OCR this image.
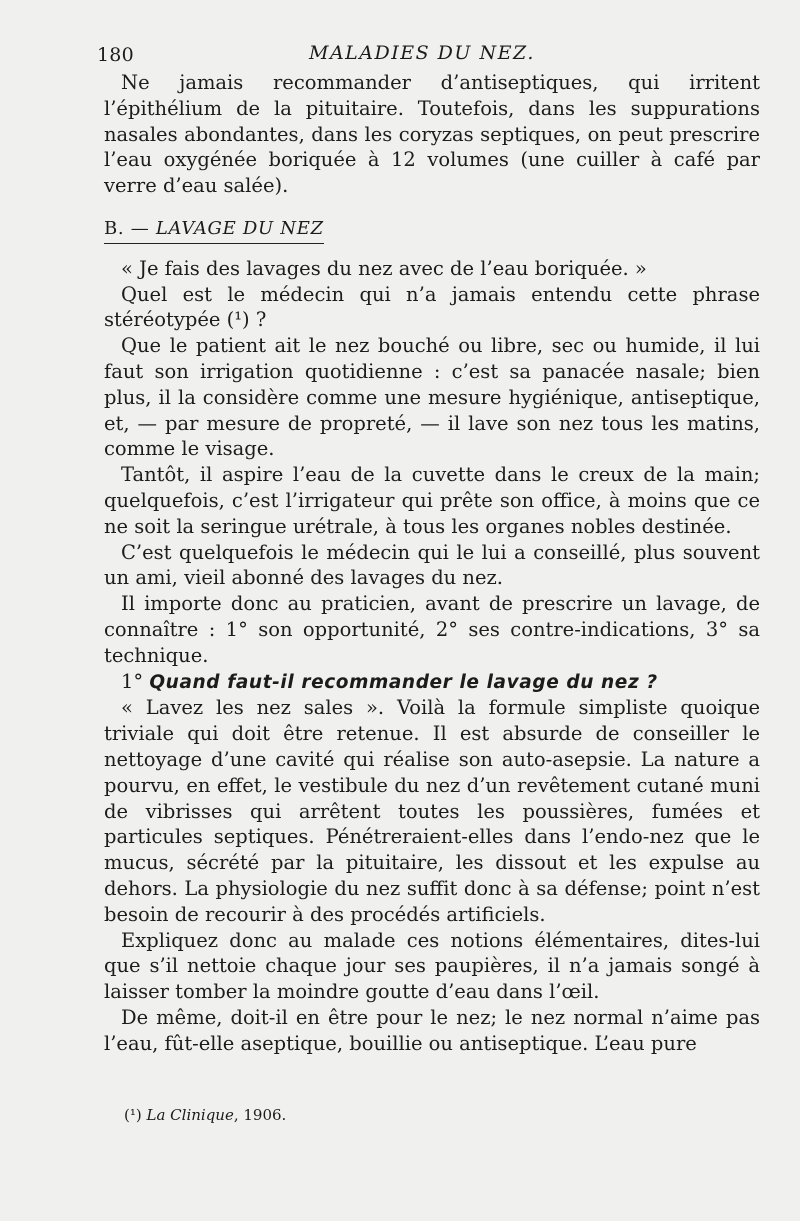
180	MALADIES DU NEZ.

Ne jamais recommander d’antiseptiques, qui irritent l’épithélium de la pituitaire. Toutefois, dans les suppurations nasales abondantes, dans les coryzas septiques, on peut prescrire l’eau oxygénée boriquée à 12 volumes (une cuiller à café par verre d’eau salée).

B. — LAVAGE DU NEZ

« Je fais des lavages du nez avec de l’eau boriquée. »

Quel est le médecin qui n’a jamais entendu cette phrase stéréotypée (¹) ?

Que le patient ait le nez bouché ou libre, sec ou humide, il lui faut son irrigation quotidienne : c’est sa panacée nasale; bien plus, il la considère comme une mesure hygiénique, antiseptique, et, — par mesure de propreté, — il lave son nez tous les matins, comme le visage.

Tantôt, il aspire l’eau de la cuvette dans le creux de la main; quelquefois, c’est l’irrigateur qui prête son office, à moins que ce ne soit la seringue urétrale, à tous les organes nobles destinée.

C’est quelquefois le médecin qui le lui a conseillé, plus souvent un ami, vieil abonné des lavages du nez.

Il importe donc au praticien, avant de prescrire un lavage, de connaître : 1° son opportunité, 2° ses contre-indications, 3° sa technique.

1° Quand faut-il recommander le lavage du nez ?

« Lavez les nez sales ». Voilà la formule simpliste quoique triviale qui doit être retenue. Il est absurde de conseiller le nettoyage d’une cavité qui réalise son auto-asepsie. La nature a pourvu, en effet, le vestibule du nez d’un revêtement cutané muni de vibrisses qui arrêtent toutes les poussières, fumées et particules septiques. Pénétreraient-elles dans l’endo-nez que le mucus, sécrété par la pituitaire, les dissout et les expulse au dehors. La physiologie du nez suffit donc à sa défense; point n’est besoin de recourir à des procédés artificiels.

Expliquez donc au malade ces notions élémentaires, dites-lui que s’il nettoie chaque jour ses paupières, il n’a jamais songé à laisser tomber la moindre goutte d’eau dans l’œil.

De même, doit-il en être pour le nez; le nez normal n’aime pas l’eau, fût-elle aseptique, bouillie ou antiseptique. L’eau pure

(¹) La Clinique, 1906.
